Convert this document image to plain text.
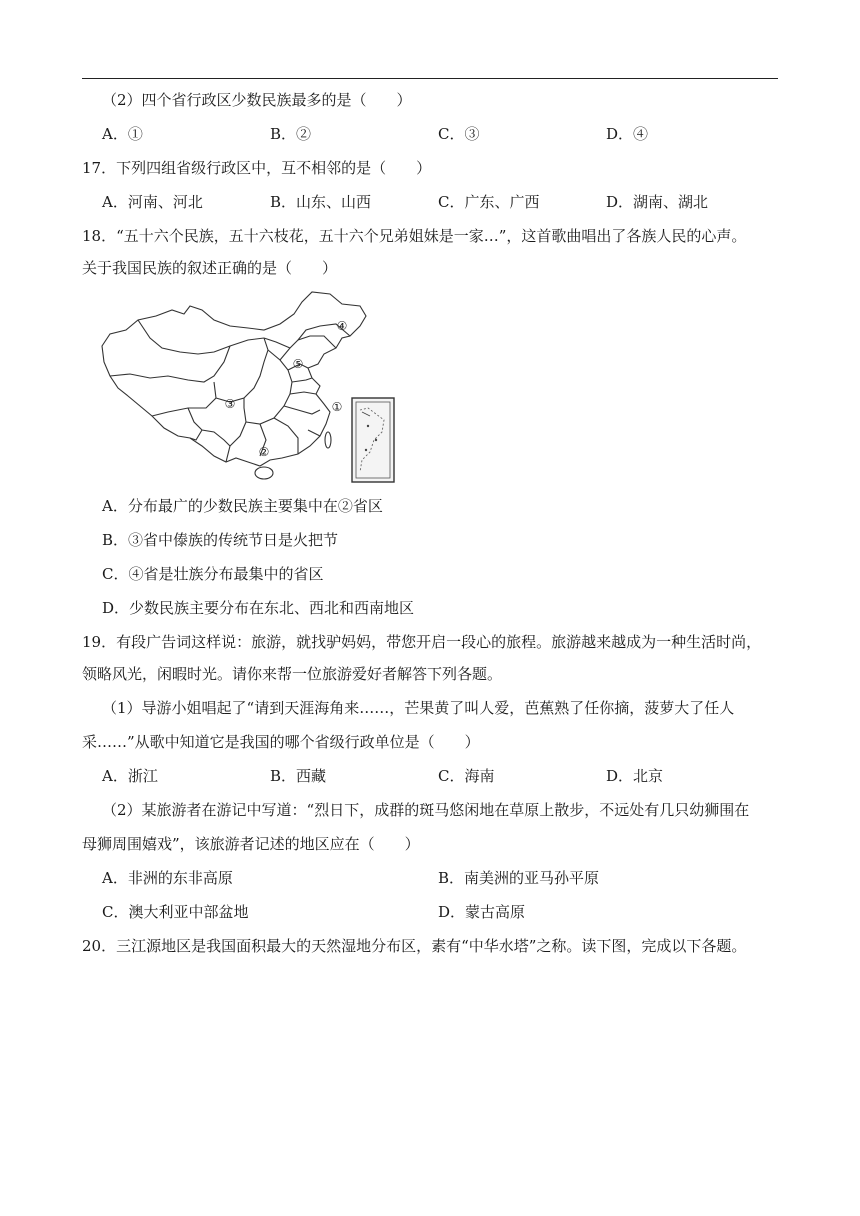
（2）四个省行政区少数民族最多的是（　　）
A．①	B．②	C．③	D．④
17．下列四组省级行政区中，互不相邻的是（　　）
A．河南、河北	B．山东、山西	C．广东、广西	D．湖南、湖北
18．“五十六个民族，五十六枝花，五十六个兄弟姐妹是一家…”，这首歌曲唱出了各族人民的心声。
关于我国民族的叙述正确的是（　　）
④
⑤
①
③
②
A．分布最广的少数民族主要集中在②省区
B．③省中傣族的传统节日是火把节
C．④省是壮族分布最集中的省区
D．少数民族主要分布在东北、西北和西南地区
19．有段广告词这样说：旅游，就找驴妈妈，带您开启一段心的旅程。旅游越来越成为一种生活时尚，
领略风光，闲暇时光。请你来帮一位旅游爱好者解答下列各题。
（1）导游小姐唱起了“请到天涯海角来……，芒果黄了叫人爱，芭蕉熟了任你摘，菠萝大了任人
采……”从歌中知道它是我国的哪个省级行政单位是（　　）
A．浙江	B．西藏	C．海南	D．北京
（2）某旅游者在游记中写道：“烈日下，成群的斑马悠闲地在草原上散步，不远处有几只幼狮围在
母狮周围嬉戏”，该旅游者记述的地区应在（　　）
A．非洲的东非高原	B．南美洲的亚马孙平原
C．澳大利亚中部盆地	D．蒙古高原
20．三江源地区是我国面积最大的天然湿地分布区，素有“中华水塔”之称。读下图，完成以下各题。
